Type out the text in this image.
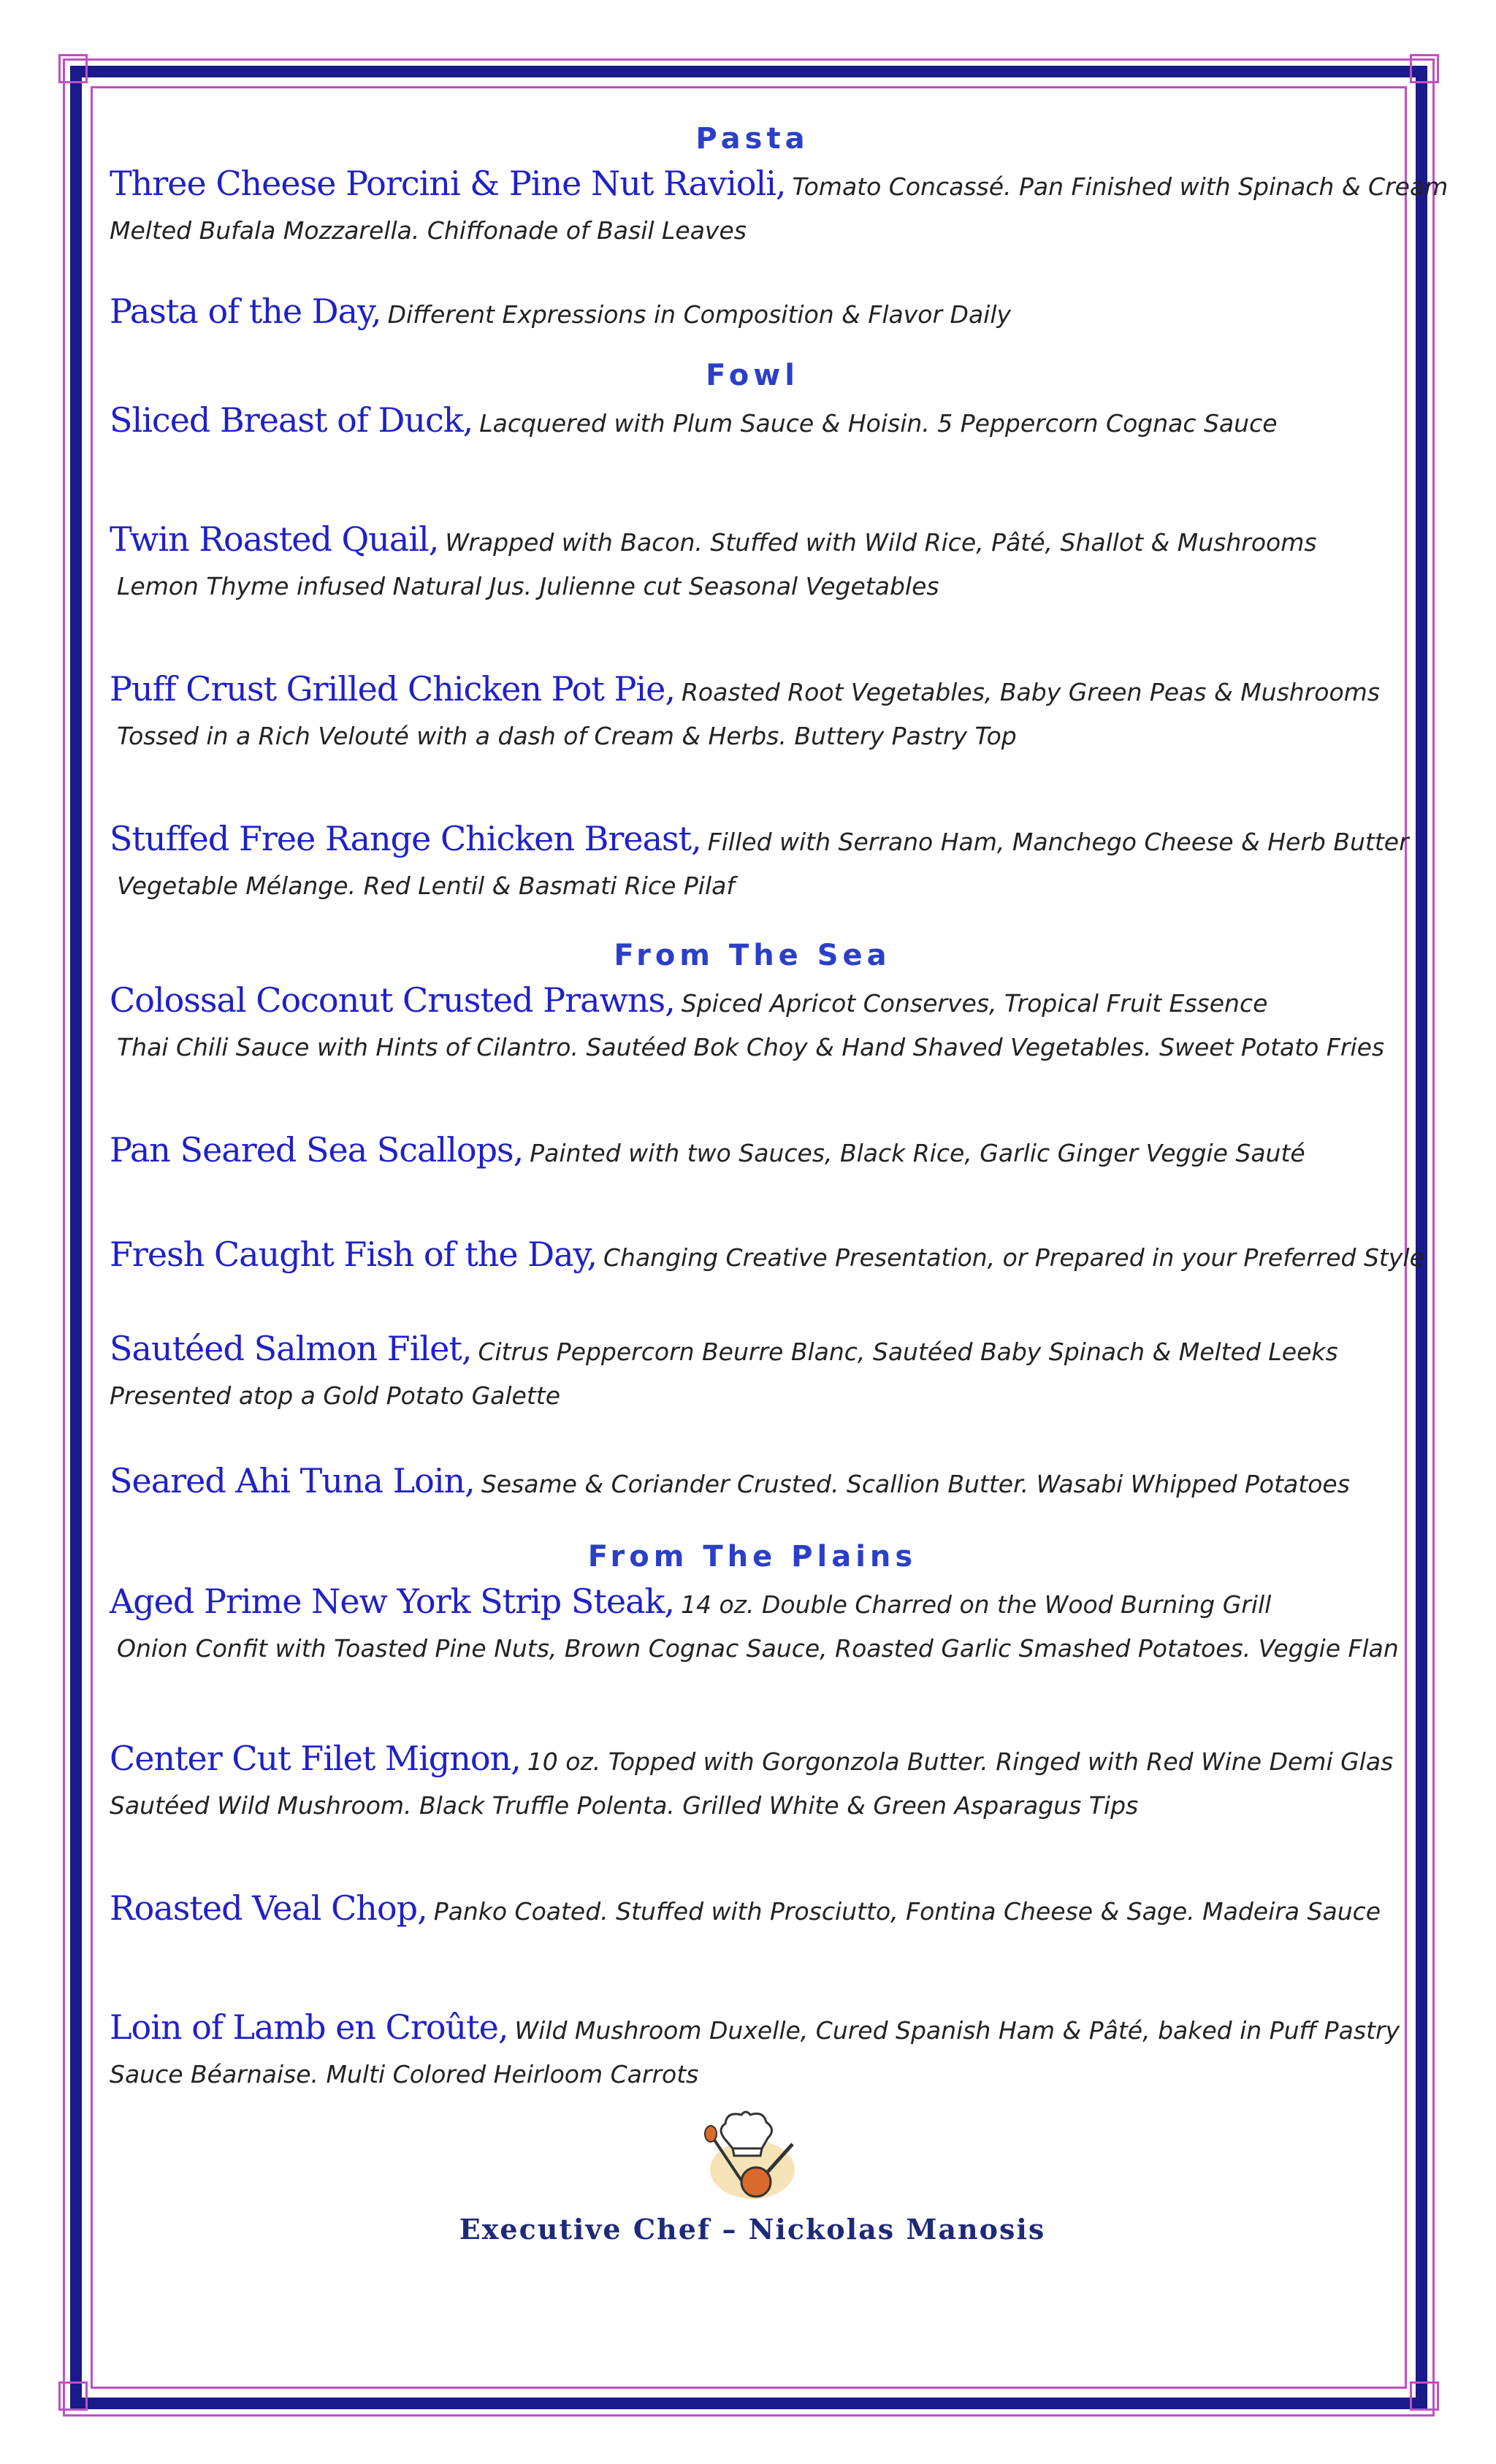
Pasta
Three Cheese Porcini & Pine Nut Ravioli, Tomato Concassé. Pan Finished with Spinach & Cream
Melted Bufala Mozzarella. Chiffonade of Basil Leaves
Pasta of the Day, Different Expressions in Composition & Flavor Daily
Fowl
Sliced Breast of Duck, Lacquered with Plum Sauce & Hoisin. 5 Peppercorn Cognac Sauce
Twin Roasted Quail, Wrapped with Bacon. Stuffed with Wild Rice, Pâté, Shallot & Mushrooms
Lemon Thyme infused Natural Jus. Julienne cut Seasonal Vegetables
Puff Crust Grilled Chicken Pot Pie, Roasted Root Vegetables, Baby Green Peas & Mushrooms
Tossed in a Rich Velouté with a dash of Cream & Herbs. Buttery Pastry Top
Stuffed Free Range Chicken Breast, Filled with Serrano Ham, Manchego Cheese & Herb Butter
Vegetable Mélange. Red Lentil & Basmati Rice Pilaf
From The Sea
Colossal Coconut Crusted Prawns, Spiced Apricot Conserves, Tropical Fruit Essence
Thai Chili Sauce with Hints of Cilantro. Sautéed Bok Choy & Hand Shaved Vegetables. Sweet Potato Fries
Pan Seared Sea Scallops, Painted with two Sauces, Black Rice, Garlic Ginger Veggie Sauté
Fresh Caught Fish of the Day, Changing Creative Presentation, or Prepared in your Preferred Style
Sautéed Salmon Filet, Citrus Peppercorn Beurre Blanc, Sautéed Baby Spinach & Melted Leeks
Presented atop a Gold Potato Galette
Seared Ahi Tuna Loin, Sesame & Coriander Crusted. Scallion Butter. Wasabi Whipped Potatoes
From The Plains
Aged Prime New York Strip Steak, 14 oz. Double Charred on the Wood Burning Grill
Onion Confit with Toasted Pine Nuts, Brown Cognac Sauce, Roasted Garlic Smashed Potatoes. Veggie Flan
Center Cut Filet Mignon, 10 oz. Topped with Gorgonzola Butter. Ringed with Red Wine Demi Glas
Sautéed Wild Mushroom. Black Truffle Polenta. Grilled White & Green Asparagus Tips
Roasted Veal Chop, Panko Coated. Stuffed with Prosciutto, Fontina Cheese & Sage. Madeira Sauce
Loin of Lamb en Croûte, Wild Mushroom Duxelle, Cured Spanish Ham & Pâté, baked in Puff Pastry
Sauce Béarnaise. Multi Colored Heirloom Carrots
Executive Chef – Nickolas Manosis
